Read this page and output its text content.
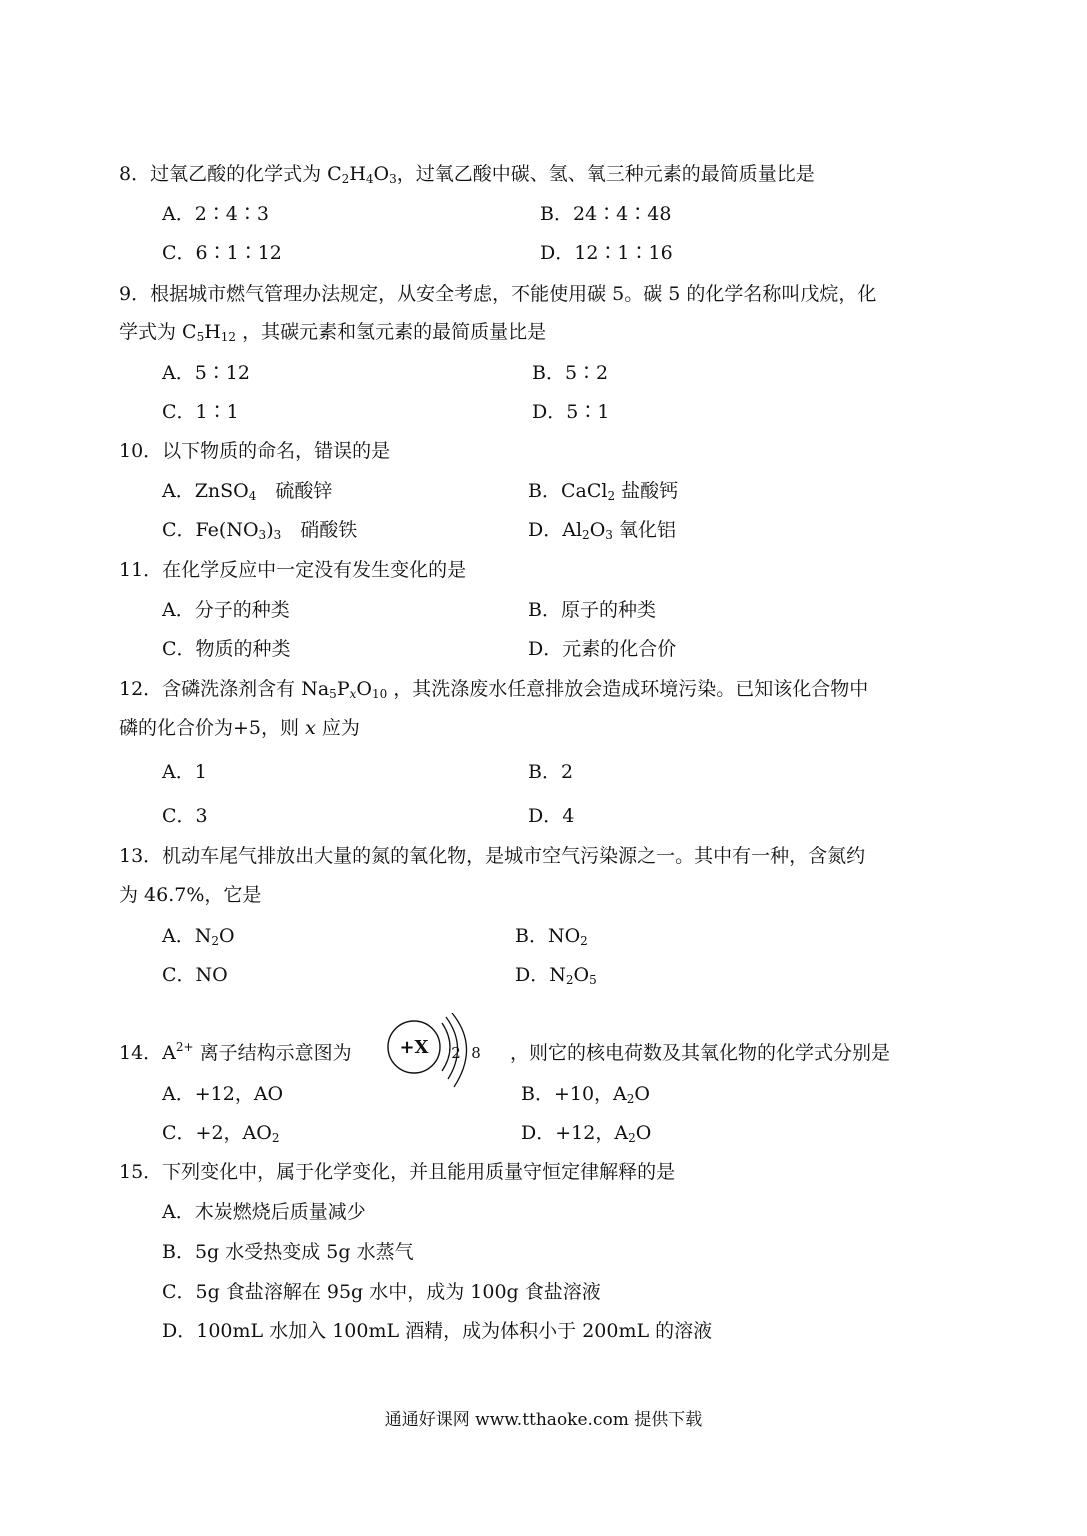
8．过氧乙酸的化学式为 $C_2H_4O_3$，过氧乙酸中碳、氢、氧三种元素的最简质量比是
A．2∶4∶3	B．24∶4∶48
C．6∶1∶12	D．12∶1∶16
9．根据城市燃气管理办法规定，从安全考虑，不能使用碳 5。碳 5 的化学名称叫戊烷，化
学式为 $C_5H_{12}$ ，其碳元素和氢元素的最简质量比是
A．5∶12	B．5∶2
C．1∶1	D．5∶1
10．以下物质的命名，错误的是
A．ZnSO$_4$　硫酸锌	B．CaCl$_2$ 盐酸钙
C．$Fe(NO_3)_3$　硝酸铁	D．$Al_2O_3$ 氧化铝
11．在化学反应中一定没有发生变化的是
A．分子的种类	B．原子的种类
C．物质的种类	D．元素的化合价
12．含磷洗涤剂含有 $Na_5P_xO_{10}$ ，其洗涤废水任意排放会造成环境污染。已知该化合物中
磷的化合价为+5，则 x 应为
A．1	B．2
C．3	D．4
13．机动车尾气排放出大量的氮的氧化物，是城市空气污染源之一。其中有一种，含氮约
为 46.7%，它是
A．$N_2O$	B．$NO_2$
C．NO	D．$N_2O_5$
14．$A^{2+}$ 离子结构示意图为	+X 2 8 ，则它的核电荷数及其氧化物的化学式分别是
A．+12，AO	B．+10，$A_2O$
C．+2，$AO_2$	D．+12，$A_2O$
15．下列变化中，属于化学变化，并且能用质量守恒定律解释的是
A．木炭燃烧后质量减少
B．5g 水受热变成 5g 水蒸气
C．5g 食盐溶解在 95g 水中，成为 100g 食盐溶液
D．100mL 水加入 100mL 酒精，成为体积小于 200mL 的溶液
通通好课网 www.tthaoke.com 提供下载
